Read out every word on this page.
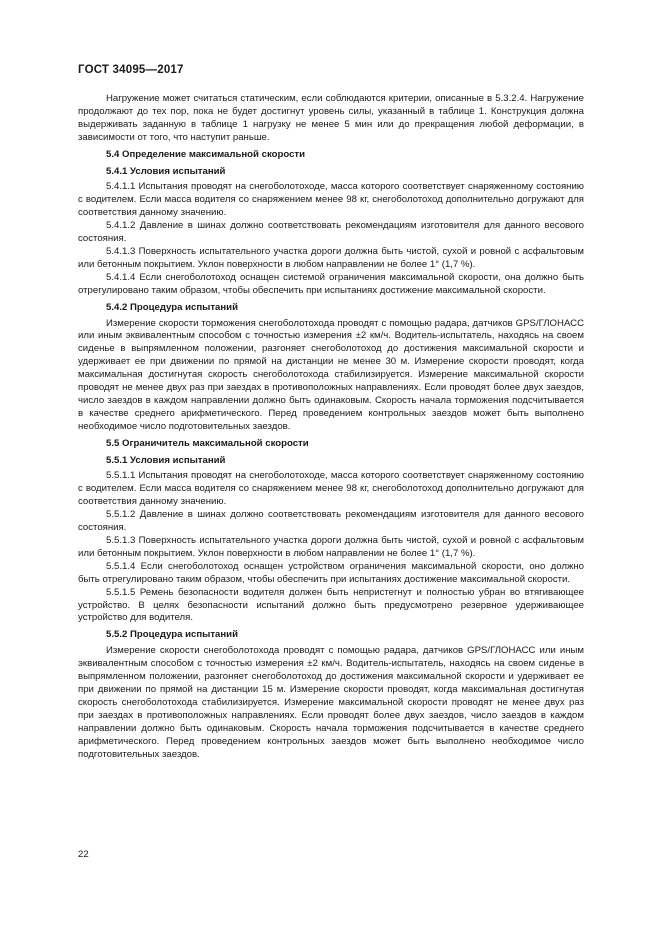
ГОСТ 34095—2017

Нагружение может считаться статическим, если соблюдаются критерии, описанные в 5.3.2.4. Нагружение продолжают до тех пор, пока не будет достигнут уровень силы, указанный в таблице 1. Конструкция должна выдерживать заданную в таблице 1 нагрузку не менее 5 мин или до прекращения любой деформации, в зависимости от того, что наступит раньше.

5.4 Определение максимальной скорости
5.4.1 Условия испытаний

5.4.1.1 Испытания проводят на снегоболотоходе, масса которого соответствует снаряженному состоянию с водителем. Если масса водителя со снаряжением менее 98 кг, снегоболотоход дополнительно догружают для соответствия данному значению.

5.4.1.2 Давление в шинах должно соответствовать рекомендациям изготовителя для данного весового состояния.

5.4.1.3 Поверхность испытательного участка дороги должна быть чистой, сухой и ровной с асфальтовым или бетонным покрытием. Уклон поверхности в любом направлении не более 1° (1,7 %).

5.4.1.4 Если снегоболотоход оснащен системой ограничения максимальной скорости, она должно быть отрегулировано таким образом, чтобы обеспечить при испытаниях достижение максимальной скорости.

5.4.2 Процедура испытаний

Измерение скорости торможения снегоболотохода проводят с помощью радара, датчиков GPS/ГЛОНАСС или иным эквивалентным способом с точностью измерения ±2 км/ч. Водитель-испытатель, находясь на своем сиденье в выпрямленном положении, разгоняет снегоболотоход до достижения максимальной скорости и удерживает ее при движении по прямой на дистанции не менее 30 м. Измерение скорости проводят, когда максимальная достигнутая скорость снегоболотохода стабилизируется. Измерение максимальной скорости проводят не менее двух раз при заездах в противоположных направлениях. Если проводят более двух заездов, число заездов в каждом направлении должно быть одинаковым. Скорость начала торможения подсчитывается в качестве среднего арифметического. Перед проведением контрольных заездов может быть выполнено необходимое число подготовительных заездов.

5.5 Ограничитель максимальной скорости
5.5.1 Условия испытаний

5.5.1.1 Испытания проводят на снегоболотоходе, масса которого соответствует снаряженному состоянию с водителем. Если масса водителя со снаряжением менее 98 кг, снегоболотоход дополнительно догружают для соответствия данному значению.

5.5.1.2 Давление в шинах должно соответствовать рекомендациям изготовителя для данного весового состояния.

5.5.1.3 Поверхность испытательного участка дороги должна быть чистой, сухой и ровной с асфальтовым или бетонным покрытием. Уклон поверхности в любом направлении не более 1° (1,7 %).

5.5.1.4 Если снегоболотоход оснащен устройством ограничения максимальной скорости, оно должно быть отрегулировано таким образом, чтобы обеспечить при испытаниях достижение максимальной скорости.

5.5.1.5 Ремень безопасности водителя должен быть непристегнут и полностью убран во втягивающее устройство. В целях безопасности испытаний должно быть предусмотрено резервное удерживающее устройство для водителя.

5.5.2 Процедура испытаний

Измерение скорости снегоболотохода проводят с помощью радара, датчиков GPS/ГЛОНАСС или иным эквивалентным способом с точностью измерения ±2 км/ч. Водитель-испытатель, находясь на своем сиденье в выпрямленном положении, разгоняет снегоболотоход до достижения максимальной скорости и удерживает ее при движении по прямой на дистанции 15 м. Измерение скорости проводят, когда максимальная достигнутая скорость снегоболотохода стабилизируется. Измерение максимальной скорости проводят не менее двух раз при заездах в противоположных направлениях. Если проводят более двух заездов, число заездов в каждом направлении должно быть одинаковым. Скорость начала торможения подсчитывается в качестве среднего арифметического. Перед проведением контрольных заездов может быть выполнено необходимое число подготовительных заездов.

22
